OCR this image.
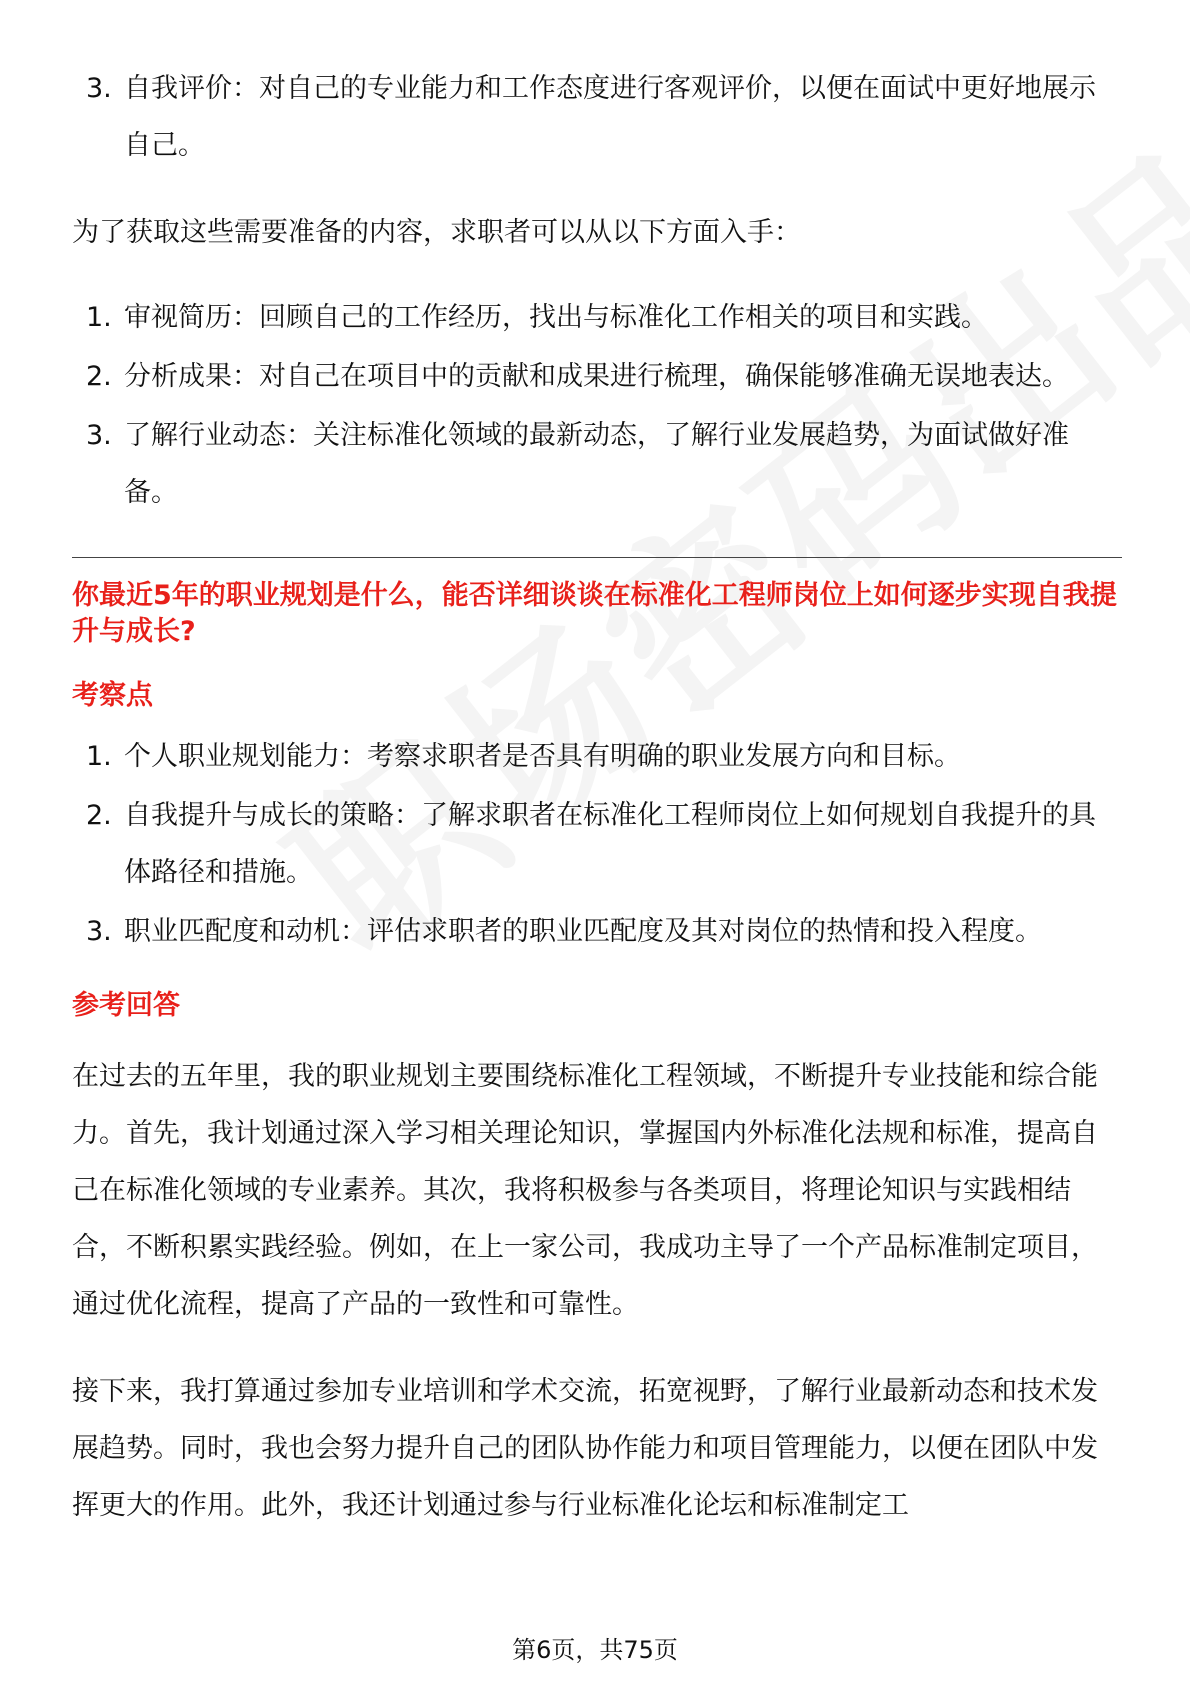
3. 自我评价：对自己的专业能力和工作态度进行客观评价，以便在面试中更好地展示自己。

为了获取这些需要准备的内容，求职者可以从以下方面入手：

1. 审视简历：回顾自己的工作经历，找出与标准化工作相关的项目和实践。
2. 分析成果：对自己在项目中的贡献和成果进行梳理，确保能够准确无误地表达。
3. 了解行业动态：关注标准化领域的最新动态，了解行业发展趋势，为面试做好准备。

你最近5年的职业规划是什么，能否详细谈谈在标准化工程师岗位上如何逐步实现自我提升与成长?

考察点
1. 个人职业规划能力：考察求职者是否具有明确的职业发展方向和目标。
2. 自我提升与成长的策略：了解求职者在标准化工程师岗位上如何规划自我提升的具体路径和措施。
3. 职业匹配度和动机：评估求职者的职业匹配度及其对岗位的热情和投入程度。
参考回答

在过去的五年里，我的职业规划主要围绕标准化工程领域，不断提升专业技能和综合能力。首先，我计划通过深入学习相关理论知识，掌握国内外标准化法规和标准，提高自己在标准化领域的专业素养。其次，我将积极参与各类项目，将理论知识与实践相结合，不断积累实践经验。例如，在上一家公司，我成功主导了一个产品标准制定项目，通过优化流程，提高了产品的一致性和可靠性。

接下来，我打算通过参加专业培训和学术交流，拓宽视野，了解行业最新动态和技术发展趋势。同时，我也会努力提升自己的团队协作能力和项目管理能力，以便在团队中发挥更大的作用。此外，我还计划通过参与行业标准化论坛和标准制定工

第6页，共75页
